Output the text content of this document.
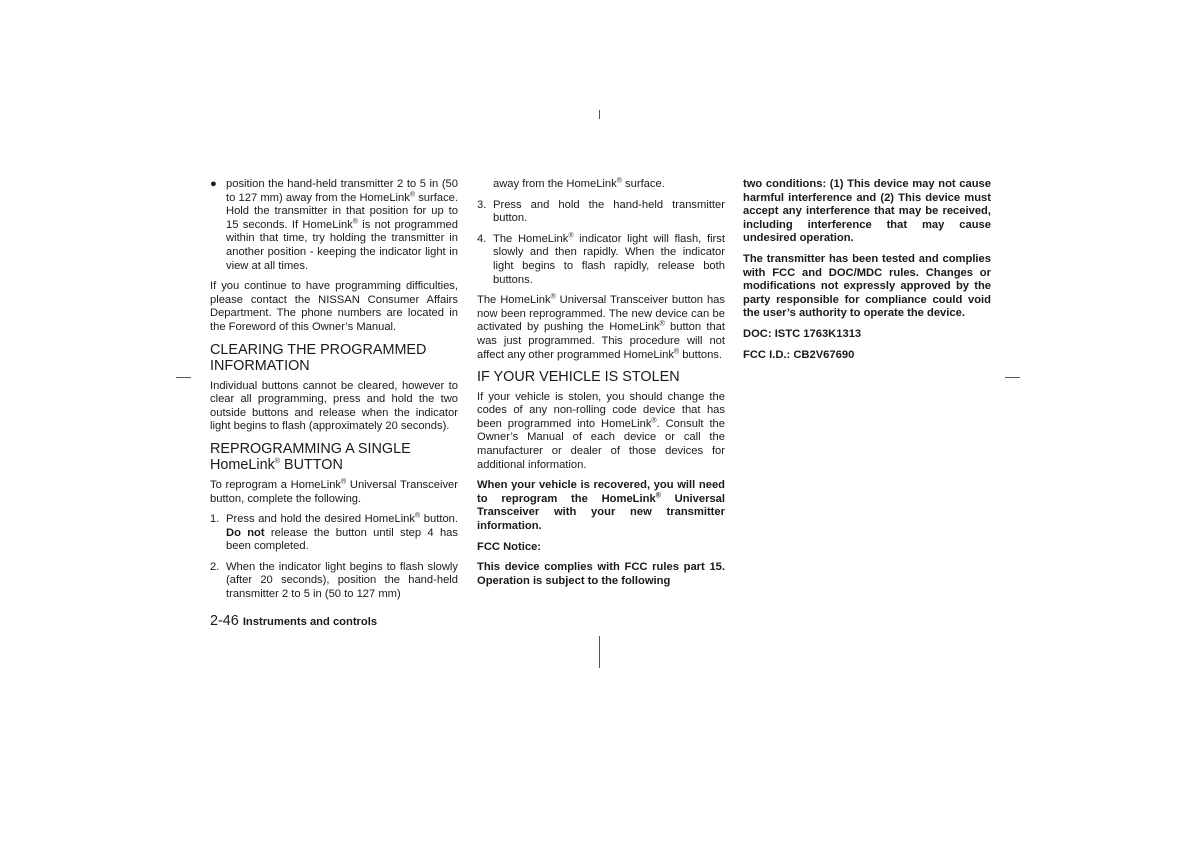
● position the hand-held transmitter 2 to 5 in (50 to 127 mm) away from the HomeLink® surface. Hold the transmitter in that position for up to 15 seconds. If HomeLink® is not programmed within that time, try holding the transmitter in another position - keeping the indicator light in view at all times.

If you continue to have programming difficulties, please contact the NISSAN Consumer Affairs Department. The phone numbers are located in the Foreword of this Owner’s Manual.

CLEARING THE PROGRAMMED INFORMATION

Individual buttons cannot be cleared, however to clear all programming, press and hold the two outside buttons and release when the indicator light begins to flash (approximately 20 seconds).

REPROGRAMMING A SINGLE HomeLink® BUTTON

To reprogram a HomeLink® Universal Transceiver button, complete the following.

1. Press and hold the desired HomeLink® button. Do not release the button until step 4 has been completed.
2. When the indicator light begins to flash slowly (after 20 seconds), position the hand-held transmitter 2 to 5 in (50 to 127 mm)
away from the HomeLink® surface.
3. Press and hold the hand-held transmitter button.
4. The HomeLink® indicator light will flash, first slowly and then rapidly. When the indicator light begins to flash rapidly, release both buttons.

The HomeLink® Universal Transceiver button has now been reprogrammed. The new device can be activated by pushing the HomeLink® button that was just programmed. This procedure will not affect any other programmed HomeLink® buttons.

IF YOUR VEHICLE IS STOLEN

If your vehicle is stolen, you should change the codes of any non-rolling code device that has been programmed into HomeLink®. Consult the Owner’s Manual of each device or call the manufacturer or dealer of those devices for additional information.

When your vehicle is recovered, you will need to reprogram the HomeLink® Universal Transceiver with your new transmitter information.

FCC Notice:

This device complies with FCC rules part 15. Operation is subject to the following

two conditions: (1) This device may not cause harmful interference and (2) This device must accept any interference that may be received, including interference that may cause undesired operation.

The transmitter has been tested and complies with FCC and DOC/MDC rules. Changes or modifications not expressly approved by the party responsible for compliance could void the user’s authority to operate the device.

DOC: ISTC 1763K1313

FCC I.D.: CB2V67690

2-46 Instruments and controls
